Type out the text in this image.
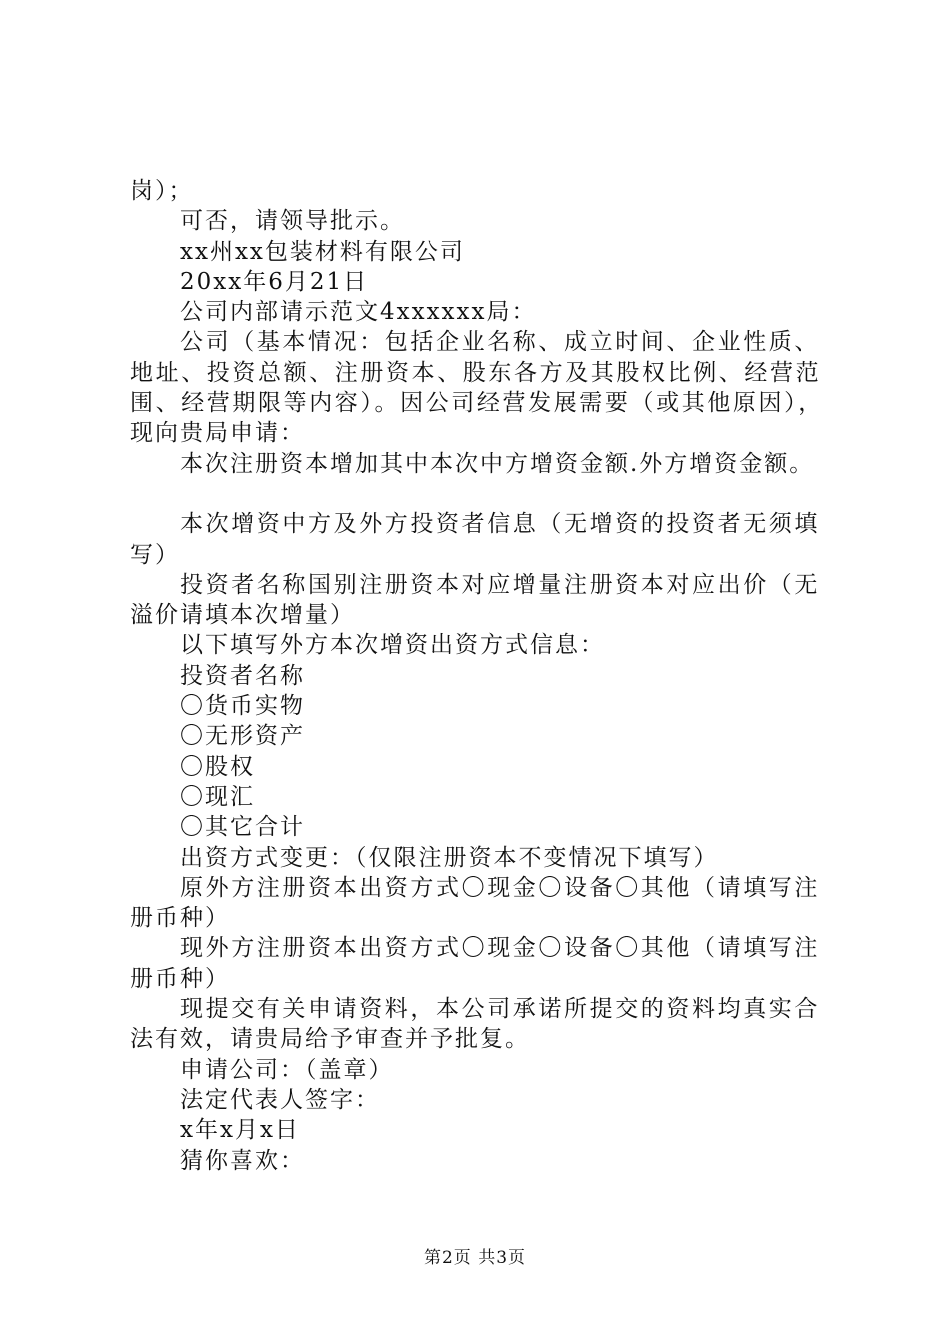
岗）；
可否，请领导批示。
xx州xx包装材料有限公司
20xx年6月21日
公司内部请示范文4xxxxxx局：
公司（基本情况：包括企业名称、成立时间、企业性质、
地址、投资总额、注册资本、股东各方及其股权比例、经营范
围、经营期限等内容）。因公司经营发展需要（或其他原因），
现向贵局申请：
本次注册资本增加其中本次中方增资金额.外方增资金额。
本次增资中方及外方投资者信息（无增资的投资者无须填
写）
投资者名称国别注册资本对应增量注册资本对应出价（无
溢价请填本次增量）
以下填写外方本次增资出资方式信息：
投资者名称
〇货币实物
〇无形资产
〇股权
〇现汇
〇其它合计
出资方式变更：（仅限注册资本不变情况下填写）
原外方注册资本出资方式〇现金〇设备〇其他（请填写注
册币种）
现外方注册资本出资方式〇现金〇设备〇其他（请填写注
册币种）
现提交有关申请资料，本公司承诺所提交的资料均真实合
法有效，请贵局给予审查并予批复。
申请公司：（盖章）
法定代表人签字：
x年x月x日
猜你喜欢：
第2页 共3页
